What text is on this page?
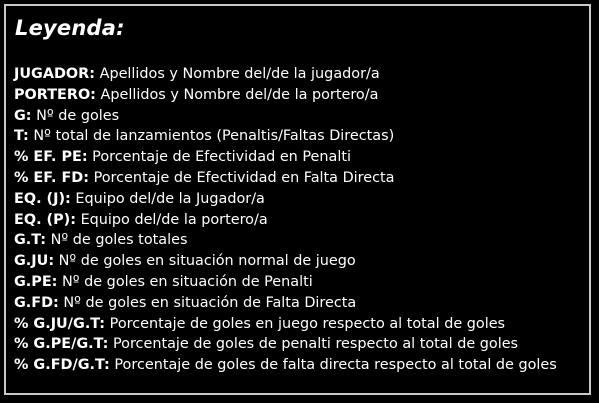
Leyenda:
JUGADOR: Apellidos y Nombre del/de la jugador/a
PORTERO: Apellidos y Nombre del/de la portero/a
G: Nº de goles
T: Nº total de lanzamientos (Penaltis/Faltas Directas)
% EF. PE: Porcentaje de Efectividad en Penalti
% EF. FD: Porcentaje de Efectividad en Falta Directa
EQ. (J): Equipo del/de la Jugador/a
EQ. (P): Equipo del/de la portero/a
G.T: Nº de goles totales
G.JU: Nº de goles en situación normal de juego
G.PE: Nº de goles en situación de Penalti
G.FD: Nº de goles en situación de Falta Directa
% G.JU/G.T: Porcentaje de goles en juego respecto al total de goles
% G.PE/G.T: Porcentaje de goles de penalti respecto al total de goles
% G.FD/G.T: Porcentaje de goles de falta directa respecto al total de goles
